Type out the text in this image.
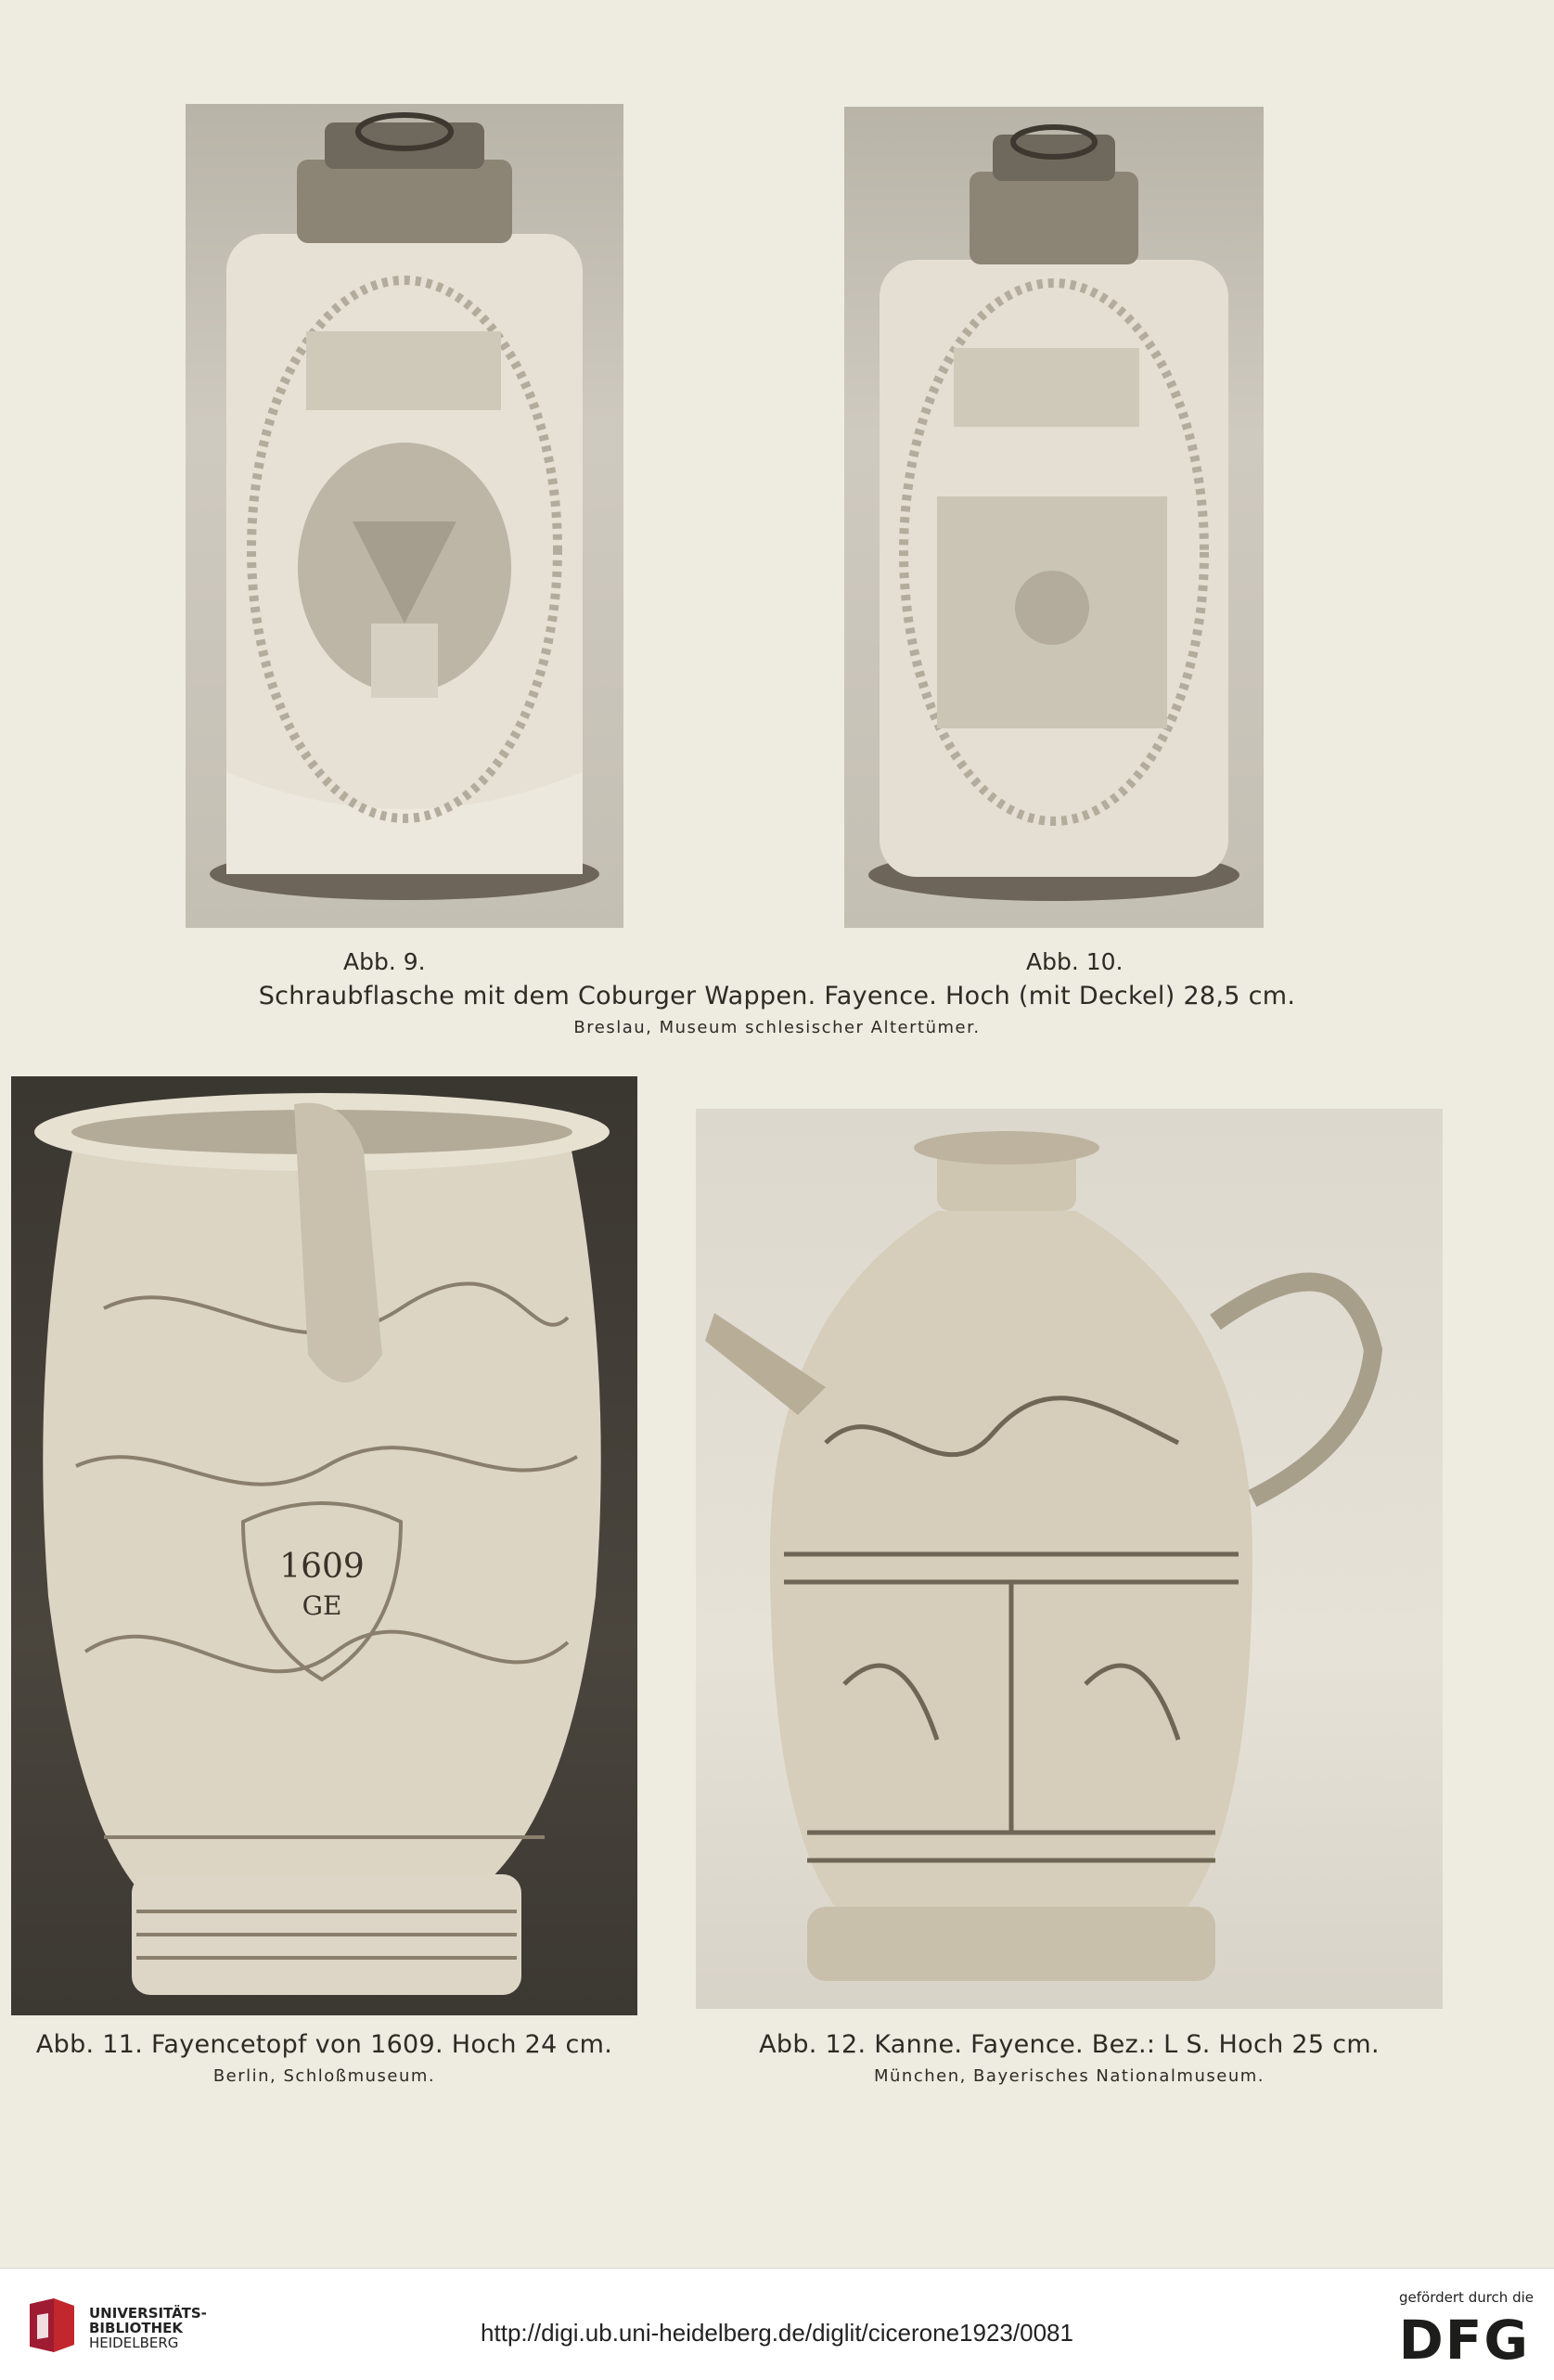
Abb. 9.	Abb. 10.
Schraubflasche mit dem Coburger Wappen. Fayence. Hoch (mit Deckel) 28,5 cm.
Breslau, Museum schlesischer Altertümer.
1609
GE
Abb. 11. Fayencetopf von 1609. Hoch 24 cm.
Berlin, Schloßmuseum.
Abb. 12. Kanne. Fayence. Bez.: L S. Hoch 25 cm.
München, Bayerisches Nationalmuseum.
UNIVERSITÄTS-
BIBLIOTHEK
HEIDELBERG	http://digi.ub.uni-heidelberg.de/diglit/cicerone1923/0081
gefördert durch die
DFG
